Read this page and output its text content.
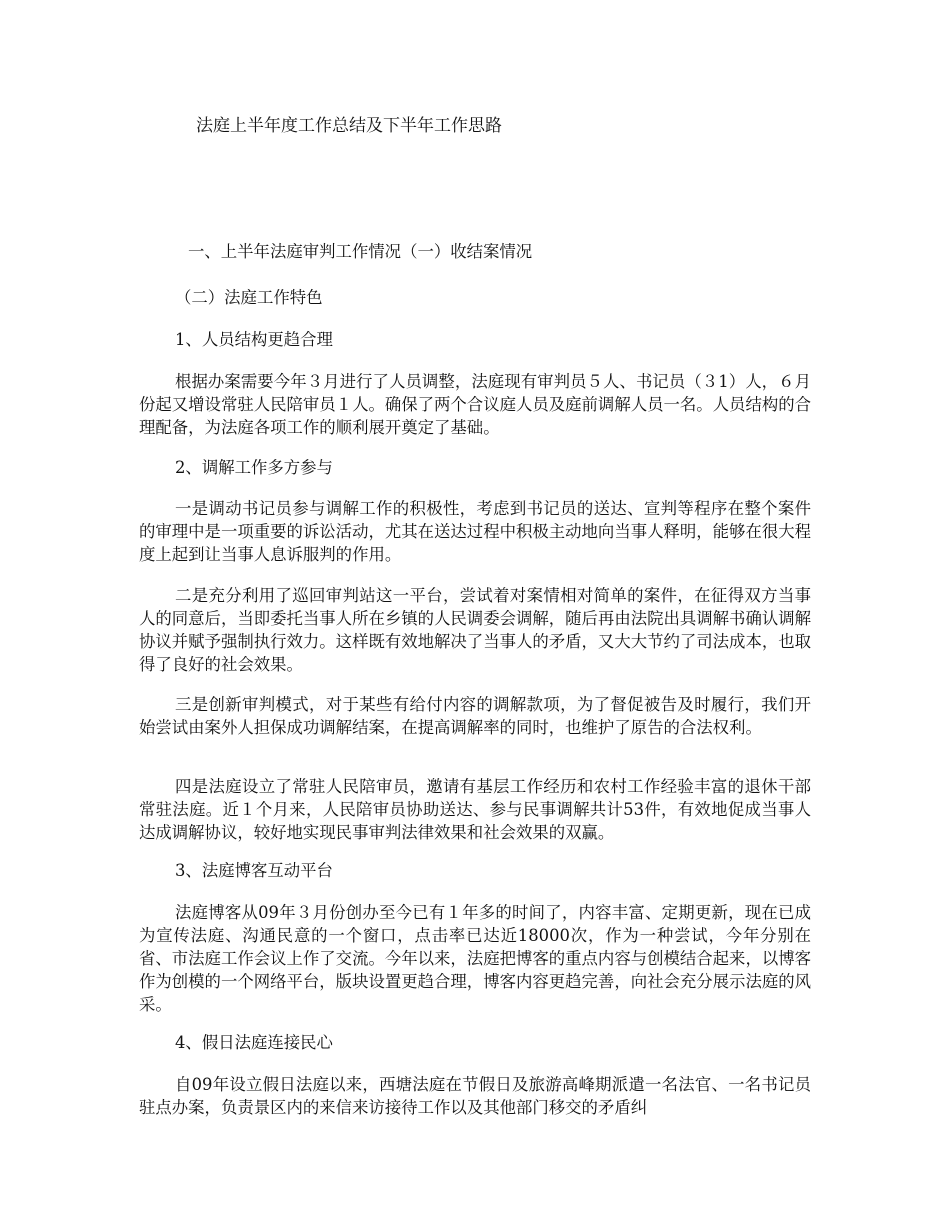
法庭上半年度工作总结及下半年工作思路
一、上半年法庭审判工作情况（一）收结案情况
（二）法庭工作特色
1、人员结构更趋合理
根据办案需要今年３月进行了人员调整，法庭现有审判员５人、书记员（３1）人，６月份起又增设常驻人民陪审员１人。确保了两个合议庭人员及庭前调解人员一名。人员结构的合理配备，为法庭各项工作的顺利展开奠定了基础。
2、调解工作多方参与
一是调动书记员参与调解工作的积极性，考虑到书记员的送达、宣判等程序在整个案件的审理中是一项重要的诉讼活动，尤其在送达过程中积极主动地向当事人释明，能够在很大程度上起到让当事人息诉服判的作用。
二是充分利用了巡回审判站这一平台，尝试着对案情相对简单的案件，在征得双方当事人的同意后，当即委托当事人所在乡镇的人民调委会调解，随后再由法院出具调解书确认调解协议并赋予强制执行效力。这样既有效地解决了当事人的矛盾，又大大节约了司法成本，也取得了良好的社会效果。
三是创新审判模式，对于某些有给付内容的调解款项，为了督促被告及时履行，我们开始尝试由案外人担保成功调解结案，在提高调解率的同时，也维护了原告的合法权利。
四是法庭设立了常驻人民陪审员，邀请有基层工作经历和农村工作经验丰富的退休干部常驻法庭。近１个月来，人民陪审员协助送达、参与民事调解共计53件，有效地促成当事人达成调解协议，较好地实现民事审判法律效果和社会效果的双赢。
3、法庭博客互动平台
法庭博客从09年３月份创办至今已有１年多的时间了，内容丰富、定期更新，现在已成为宣传法庭、沟通民意的一个窗口，点击率已达近18000次，作为一种尝试，今年分别在省、市法庭工作会议上作了交流。今年以来，法庭把博客的重点内容与创模结合起来，以博客作为创模的一个网络平台，版块设置更趋合理，博客内容更趋完善，向社会充分展示法庭的风采。
4、假日法庭连接民心
自09年设立假日法庭以来，西塘法庭在节假日及旅游高峰期派遣一名法官、一名书记员驻点办案，负责景区内的来信来访接待工作以及其他部门移交的矛盾纠
